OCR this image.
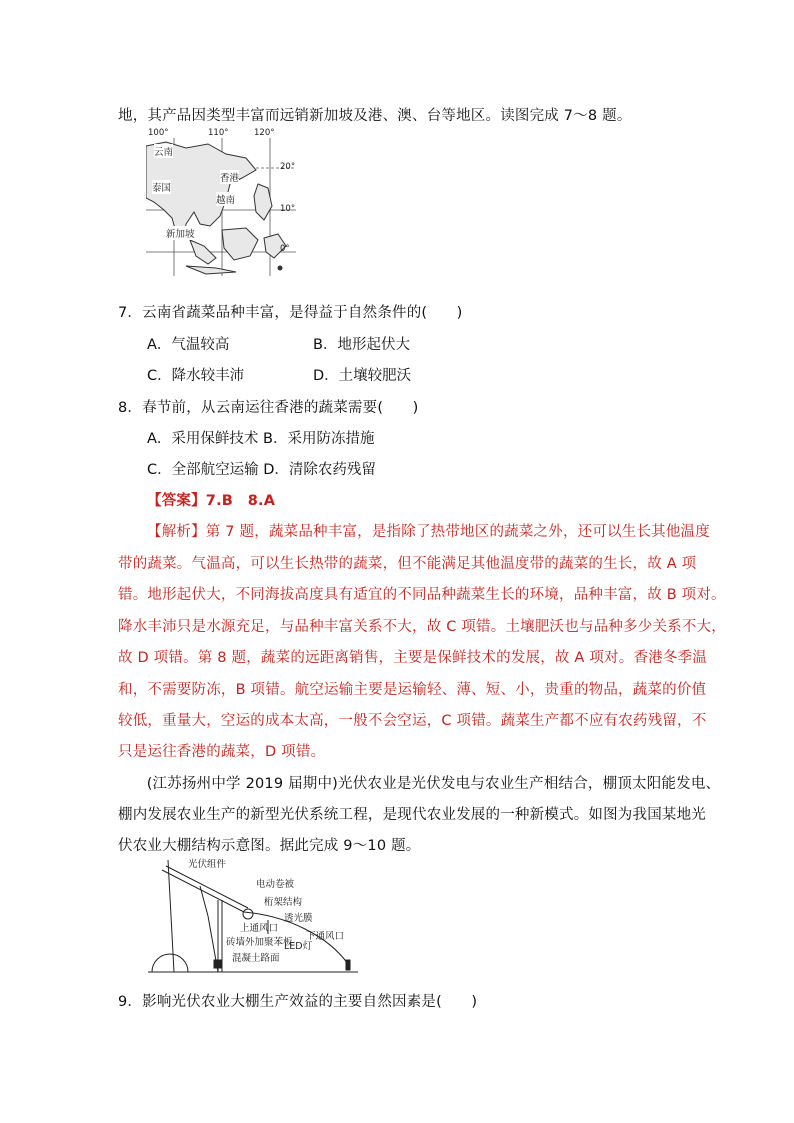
地，其产品因类型丰富而远销新加坡及港、澳、台等地区。读图完成 7～8 题。
100°	110°	120°
20°
10°
0°
云南
香港
泰国
越南
新加坡
7．云南省蔬菜品种丰富，是得益于自然条件的(　　)
A．气温较高	B．地形起伏大
C．降水较丰沛	D．土壤较肥沃
8．春节前，从云南运往香港的蔬菜需要(　　)
A．采用保鲜技术 B．采用防冻措施
C．全部航空运输 D．清除农药残留
【答案】7.B　8.A
【解析】第 7 题，蔬菜品种丰富，是指除了热带地区的蔬菜之外，还可以生长其他温度
带的蔬菜。气温高，可以生长热带的蔬菜，但不能满足其他温度带的蔬菜的生长，故 A 项
错。地形起伏大，不同海拔高度具有适宜的不同品种蔬菜生长的环境，品种丰富，故 B 项对。
降水丰沛只是水源充足，与品种丰富关系不大，故 C 项错。土壤肥沃也与品种多少关系不大，
故 D 项错。第 8 题，蔬菜的远距离销售，主要是保鲜技术的发展，故 A 项对。香港冬季温
和，不需要防冻，B 项错。航空运输主要是运输轻、薄、短、小，贵重的物品，蔬菜的价值
较低，重量大，空运的成本太高，一般不会空运，C 项错。蔬菜生产都不应有农药残留，不
只是运往香港的蔬菜，D 项错。
　(江苏扬州中学 2019 届期中)光伏农业是光伏发电与农业生产相结合，棚顶太阳能发电、
棚内发展农业生产的新型光伏系统工程，是现代农业发展的一种新模式。如图为我国某地光
伏农业大棚结构示意图。据此完成 9～10 题。
光伏组件
电动卷被
桁架结构
透光膜
上通风口
下通风口
砖墙外加聚苯板
LED灯
混凝土路面
9．影响光伏农业大棚生产效益的主要自然因素是(　　)
